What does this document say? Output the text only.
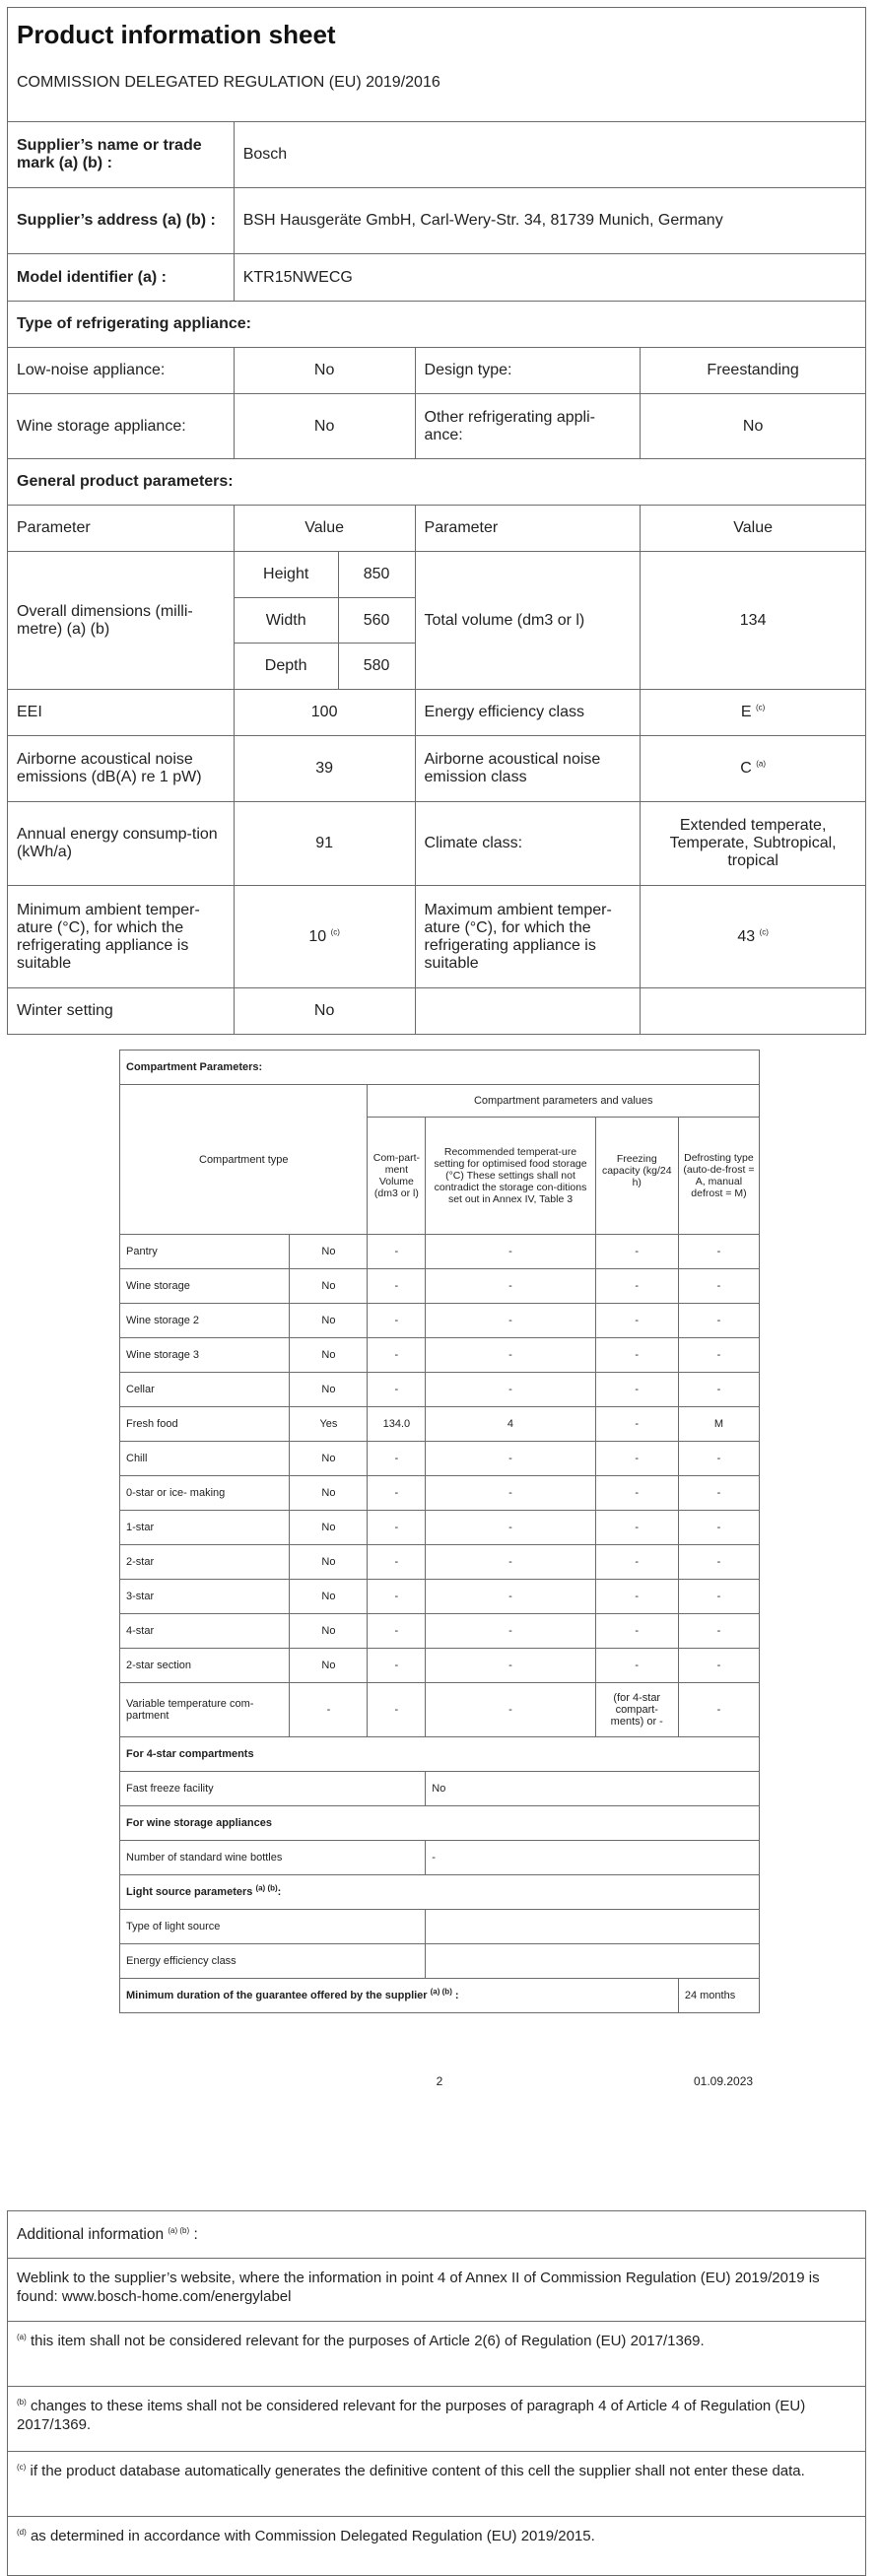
Product information sheet
COMMISSION DELEGATED REGULATION (EU) 2019/2016				

Supplier’s name or trade mark (a) (b) :	Bosch			
Supplier’s address (a) (b) :	BSH Hausgeräte GmbH, Carl-Wery-Str. 34, 81739 Munich, Germany			
Model identifier (a) :	KTR15NWECG			
Type of refrigerating appliance:				
Low-noise appliance:	No		Design type:	Freestanding
Wine storage appliance:	No		Other refrigerating appli-ance:	No
General product parameters:				
Parameter	Value		Parameter	Value
Overall dimensions (milli-metre) (a) (b)	Height	850	Total volume (dm3 or l)	134
	Width	560		
	Depth	580		
EEI	100		Energy efficiency class	E $^{(c)}$
Airborne acoustical noise emissions (dB(A) re 1 pW)	39		Airborne acoustical noise emission class	C $^{(a)}$
Annual energy consump-tion (kWh/a)	91		Climate class:	Extended temperate, Temperate, Subtropical, tropical
Minimum ambient temper-ature (°C), for which the refrigerating appliance is suitable	10 $^{(c)}$		Maximum ambient temper-ature (°C), for which the refrigerating appliance is suitable	43 $^{(c)}$
Winter setting	No			
Compartment Parameters:					
Compartment type		Compartment parameters and values			
		Com-part-ment Volume (dm3 or l)	Recommended temperat-ure setting for optimised food storage (°C) These settings shall not contradict the storage con-ditions set out in Annex IV, Table 3	Freezing capacity (kg/24 h)	Defrosting type (auto-de-frost = A, manual defrost = M)
Pantry	No	-	-	-	-
Wine storage	No	-	-	-	-
Wine storage 2	No	-	-	-	-
Wine storage 3	No	-	-	-	-
Cellar	No	-	-	-	-
Fresh food	Yes	134.0	4	-	M
Chill	No	-	-	-	-
0-star or ice- making	No	-	-	-	-
1-star	No	-	-	-	-
2-star	No	-	-	-	-
3-star	No	-	-	-	-
4-star	No	-	-	-	-
2-star section	No	-	-	-	-
Variable temperature com-partment	-	-	-	(for 4-star compart-ments) or -	-
For 4-star compartments					
Fast freeze facility			No		
For wine storage appliances					
Number of standard wine bottles			-		
Light source parameters $^{(a) (b)}$:					
Type of light source					
Energy efficiency class					
Minimum duration of the guarantee offered by the supplier $^{(a) (b)}$ :					24 months
2	01.09.2023
Additional information $^{(a) (b)}$ :
Weblink to the supplier’s website, where the information in point 4 of Annex II of Commission Regulation (EU) 2019/2019 is found: www.bosch-home.com/energylabel
$^{(a)}$ this item shall not be considered relevant for the purposes of Article 2(6) of Regulation (EU) 2017/1369.
$^{(b)}$ changes to these items shall not be considered relevant for the purposes of paragraph 4 of Article 4 of Regulation (EU) 2017/1369.
$^{(c)}$ if the product database automatically generates the definitive content of this cell the supplier shall not enter these data.
$^{(d)}$ as determined in accordance with Commission Delegated Regulation (EU) 2019/2015.
